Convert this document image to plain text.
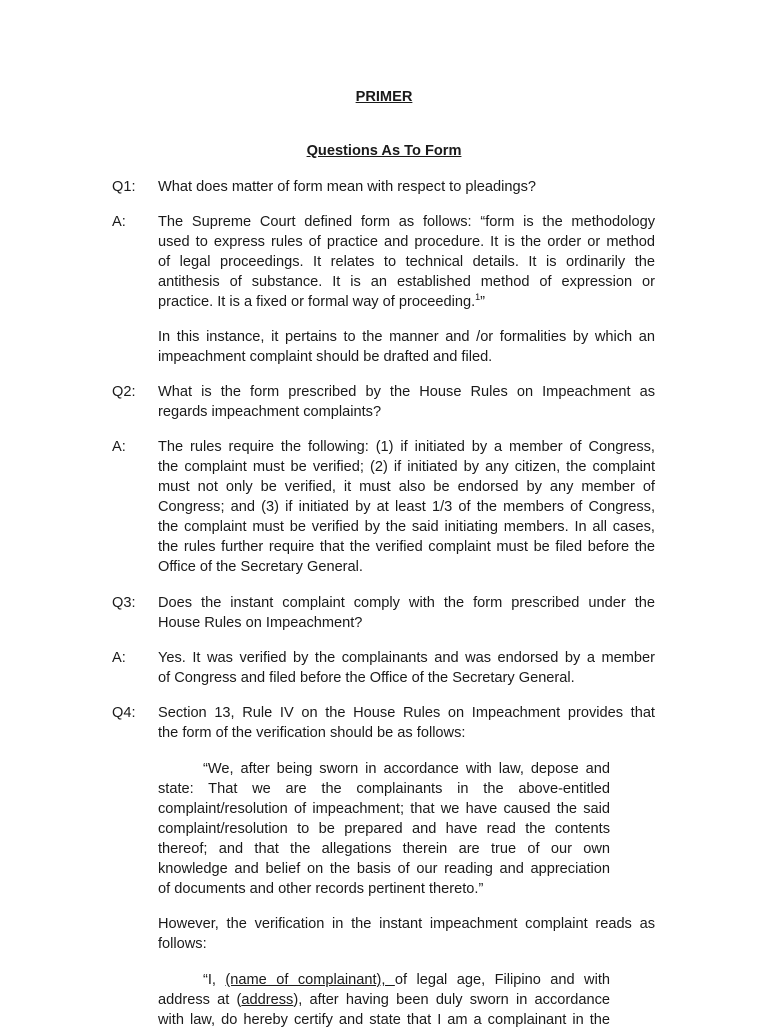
PRIMER
Questions As To Form
Q1: What does matter of form mean with respect to pleadings?
A: The Supreme Court defined form as follows: “form is the methodology
used to express rules of practice and procedure. It is the order or method
of legal proceedings. It relates to technical details. It is ordinarily the
antithesis of substance. It is an established method of expression or
practice. It is a fixed or formal way of proceeding.$^1$”
In this instance, it pertains to the manner and /or formalities by which an
impeachment complaint should be drafted and filed.
Q2: What is the form prescribed by the House Rules on Impeachment as
regards impeachment complaints?
A: The rules require the following: (1) if initiated by a member of Congress,
the complaint must be verified; (2) if initiated by any citizen, the complaint
must not only be verified, it must also be endorsed by any member of
Congress; and (3) if initiated by at least 1/3 of the members of Congress,
the complaint must be verified by the said initiating members. In all cases,
the rules further require that the verified complaint must be filed before the
Office of the Secretary General.
Q3: Does the instant complaint comply with the form prescribed under the
House Rules on Impeachment?
A: Yes. It was verified by the complainants and was endorsed by a member
of Congress and filed before the Office of the Secretary General.
Q4: Section 13, Rule IV on the House Rules on Impeachment provides that
the form of the verification should be as follows:
“We, after being sworn in accordance with law, depose and
state: That we are the complainants in the above-entitled
complaint/resolution of impeachment; that we have caused the said
complaint/resolution to be prepared and have read the contents
thereof; and that the allegations therein are true of our own
knowledge and belief on the basis of our reading and appreciation
of documents and other records pertinent thereto.”
However, the verification in the instant impeachment complaint reads as
follows:
“I, (name of complainant), of legal age, Filipino and with
address at (address), after having been duly sworn in accordance
with law, do hereby certify and state that I am a complainant in the
